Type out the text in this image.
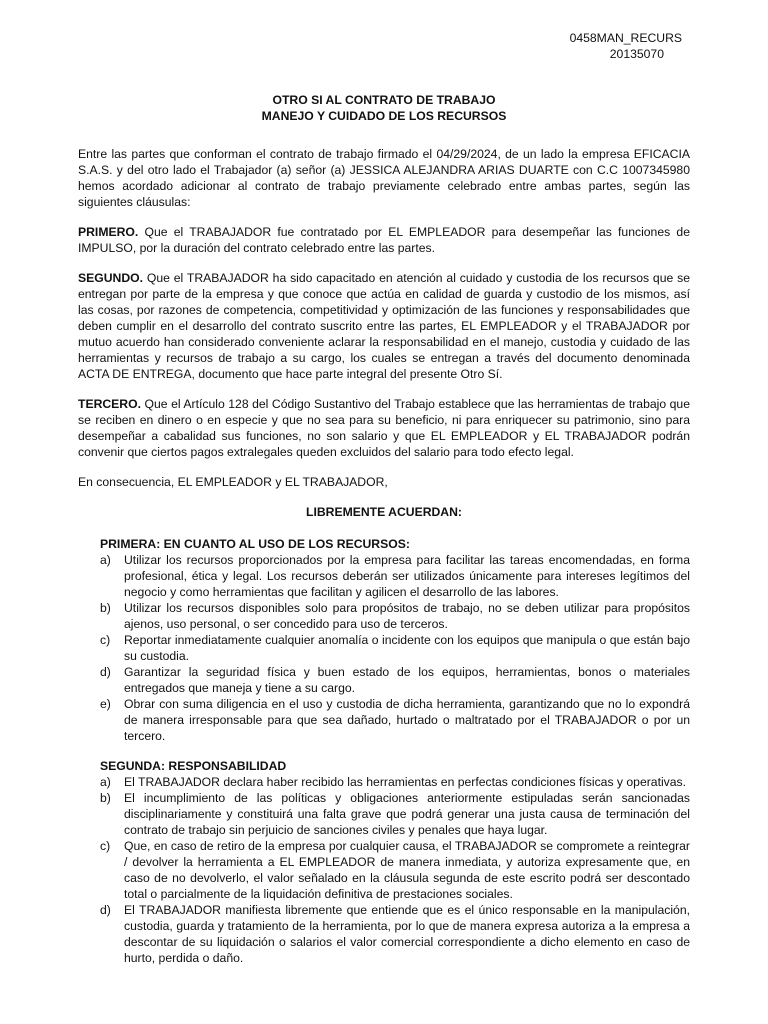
0458MAN_RECURS
20135070
OTRO SI AL CONTRATO DE TRABAJO
MANEJO Y CUIDADO DE LOS RECURSOS

Entre las partes que conforman el contrato de trabajo firmado el 04/29/2024, de un lado la empresa EFICACIA S.A.S. y del otro lado el Trabajador (a) señor (a) JESSICA ALEJANDRA ARIAS DUARTE con C.C 1007345980 hemos acordado adicionar al contrato de trabajo previamente celebrado entre ambas partes, según las siguientes cláusulas:

PRIMERO. Que el TRABAJADOR fue contratado por EL EMPLEADOR para desempeñar las funciones de IMPULSO, por la duración del contrato celebrado entre las partes.

SEGUNDO. Que el TRABAJADOR ha sido capacitado en atención al cuidado y custodia de los recursos que se entregan por parte de la empresa y que conoce que actúa en calidad de guarda y custodio de los mismos, así las cosas, por razones de competencia, competitividad y optimización de las funciones y responsabilidades que deben cumplir en el desarrollo del contrato suscrito entre las partes, EL EMPLEADOR y el TRABAJADOR por mutuo acuerdo han considerado conveniente aclarar la responsabilidad en el manejo, custodia y cuidado de las herramientas y recursos de trabajo a su cargo, los cuales se entregan a través del documento denominada ACTA DE ENTREGA, documento que hace parte integral del presente Otro Sí.

TERCERO. Que el Artículo 128 del Código Sustantivo del Trabajo establece que las herramientas de trabajo que se reciben en dinero o en especie y que no sea para su beneficio, ni para enriquecer su patrimonio, sino para desempeñar a cabalidad sus funciones, no son salario y que EL EMPLEADOR y EL TRABAJADOR podrán convenir que ciertos pagos extralegales queden excluidos del salario para todo efecto legal.

En consecuencia, EL EMPLEADOR y EL TRABAJADOR,

LIBREMENTE ACUERDAN:
PRIMERA: EN CUANTO AL USO DE LOS RECURSOS:
a) Utilizar los recursos proporcionados por la empresa para facilitar las tareas encomendadas, en forma profesional, ética y legal. Los recursos deberán ser utilizados únicamente para intereses legítimos del negocio y como herramientas que facilitan y agilicen el desarrollo de las labores.
b) Utilizar los recursos disponibles solo para propósitos de trabajo, no se deben utilizar para propósitos ajenos, uso personal, o ser concedido para uso de terceros.
c) Reportar inmediatamente cualquier anomalía o incidente con los equipos que manipula o que están bajo su custodia.
d) Garantizar la seguridad física y buen estado de los equipos, herramientas, bonos o materiales entregados que maneja y tiene a su cargo.
e) Obrar con suma diligencia en el uso y custodia de dicha herramienta, garantizando que no lo expondrá de manera irresponsable para que sea dañado, hurtado o maltratado por el TRABAJADOR o por un tercero.
SEGUNDA: RESPONSABILIDAD
a) El TRABAJADOR declara haber recibido las herramientas en perfectas condiciones físicas y operativas.
b) El incumplimiento de las políticas y obligaciones anteriormente estipuladas serán sancionadas disciplinariamente y constituirá una falta grave que podrá generar una justa causa de terminación del contrato de trabajo sin perjuicio de sanciones civiles y penales que haya lugar.
c) Que, en caso de retiro de la empresa por cualquier causa, el TRABAJADOR se compromete a reintegrar / devolver la herramienta a EL EMPLEADOR de manera inmediata, y autoriza expresamente que, en caso de no devolverlo, el valor señalado en la cláusula segunda de este escrito podrá ser descontado total o parcialmente de la liquidación definitiva de prestaciones sociales.
d) El TRABAJADOR manifiesta libremente que entiende que es el único responsable en la manipulación, custodia, guarda y tratamiento de la herramienta, por lo que de manera expresa autoriza a la empresa a descontar de su liquidación o salarios el valor comercial correspondiente a dicho elemento en caso de hurto, perdida o daño.
